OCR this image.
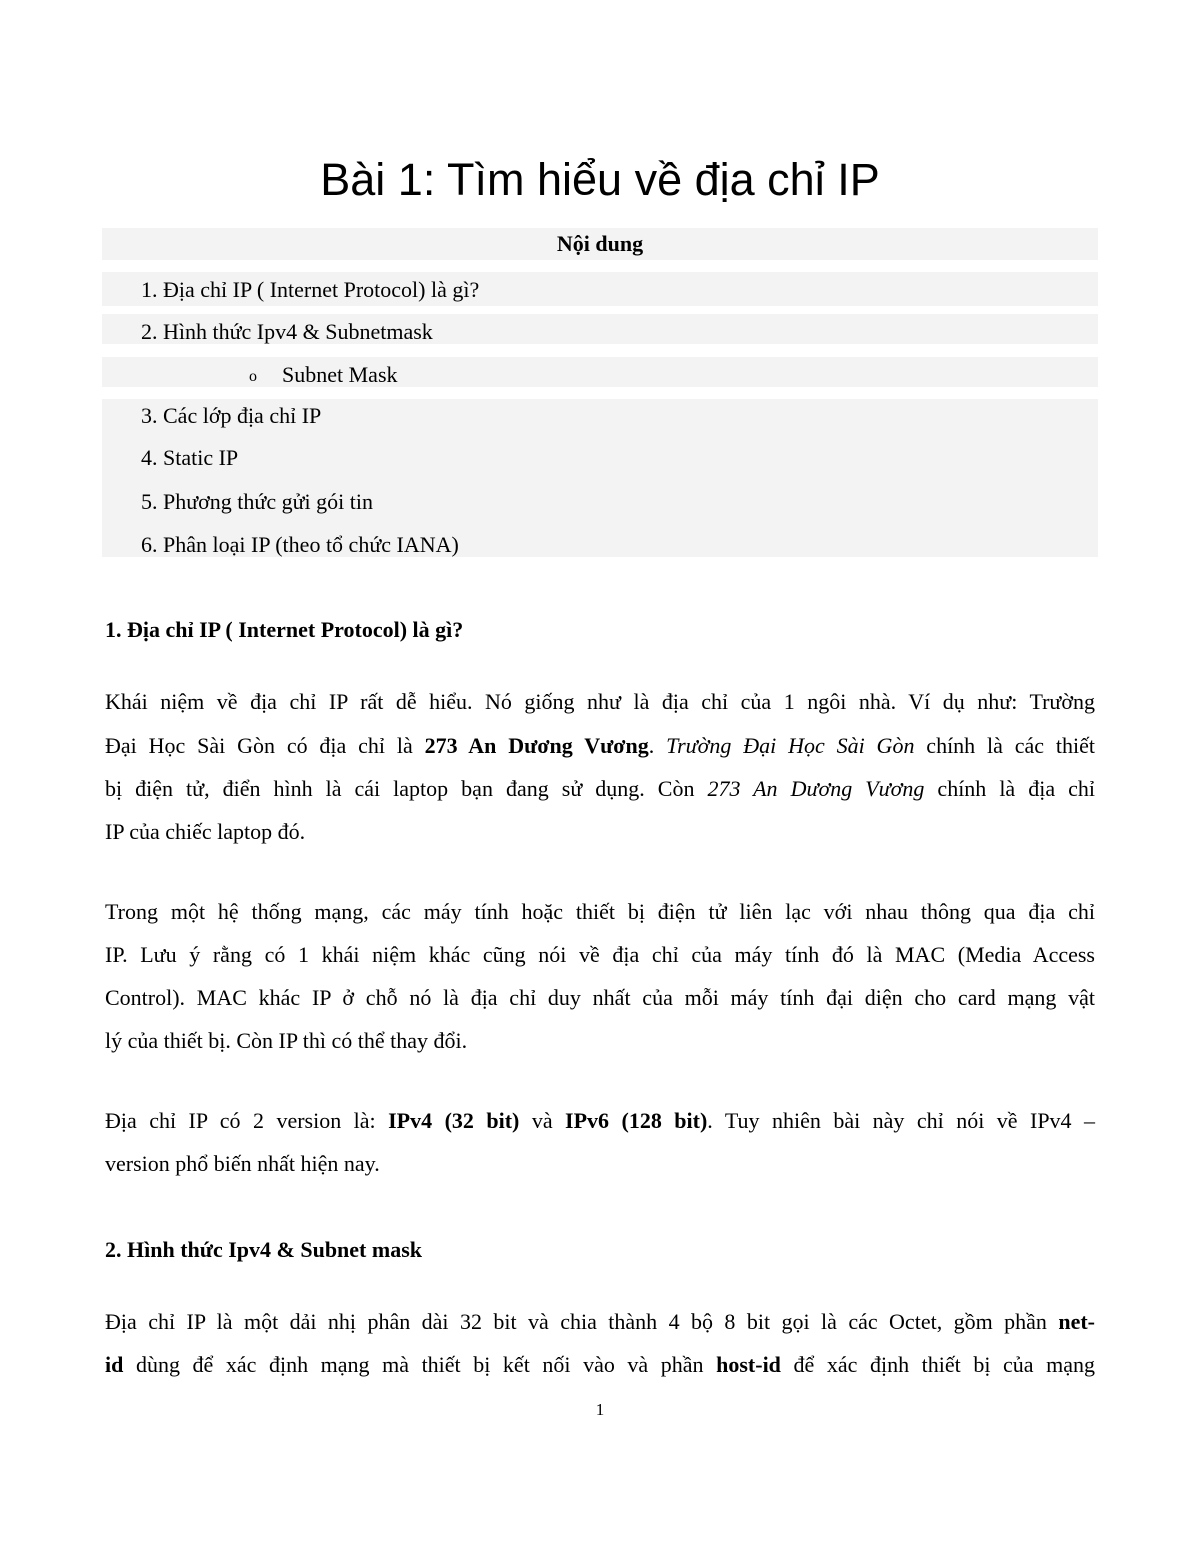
Bài 1: Tìm hiểu về địa chỉ IP
Nội dung
1. Địa chỉ IP ( Internet Protocol) là gì?
2. Hình thức Ipv4 & Subnetmask
o Subnet Mask
3. Các lớp địa chỉ IP
4. Static IP
5. Phương thức gửi gói tin
6. Phân loại IP (theo tổ chức IANA)
1. Địa chỉ IP ( Internet Protocol) là gì?
Khái niệm về địa chỉ IP rất dễ hiểu. Nó giống như là địa chỉ của 1 ngôi nhà. Ví dụ như: Trường
Đại Học Sài Gòn có địa chỉ là 273 An Dương Vương. Trường Đại Học Sài Gòn chính là các thiết
bị điện tử, điển hình là cái laptop bạn đang sử dụng. Còn 273 An Dương Vương chính là địa chỉ
IP của chiếc laptop đó.
Trong một hệ thống mạng, các máy tính hoặc thiết bị điện tử liên lạc với nhau thông qua địa chỉ
IP. Lưu ý rằng có 1 khái niệm khác cũng nói về địa chỉ của máy tính đó là MAC (Media Access
Control). MAC khác IP ở chỗ nó là địa chỉ duy nhất của mỗi máy tính đại diện cho card mạng vật
lý của thiết bị. Còn IP thì có thể thay đổi.
Địa chỉ IP có 2 version là: IPv4 (32 bit) và IPv6 (128 bit). Tuy nhiên bài này chỉ nói về IPv4 –
version phổ biến nhất hiện nay.
2. Hình thức Ipv4 & Subnet mask
Địa chỉ IP là một dải nhị phân dài 32 bit và chia thành 4 bộ 8 bit gọi là các Octet, gồm phần net-
id dùng để xác định mạng mà thiết bị kết nối vào và phần host-id để xác định thiết bị của mạng
1
